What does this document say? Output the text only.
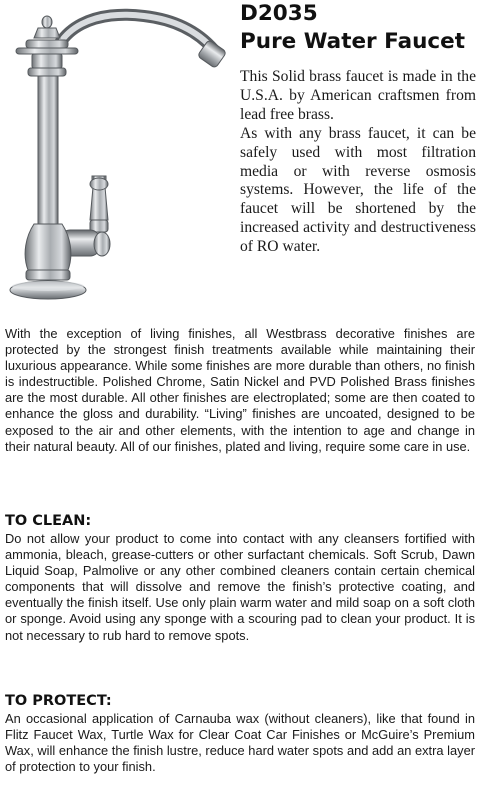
D2035
Pure Water Faucet

This Solid brass faucet is made in the U.S.A. by American craftsmen from lead free brass.

As with any brass faucet, it can be safely used with most filtration media or with reverse osmosis systems. However, the life of the faucet will be shortened by the increased activity and destructiveness of RO water.

With the exception of living finishes, all Westbrass decorative finishes are protected by the strongest finish treatments available while maintaining their luxurious appearance. While some finishes are more durable than others, no finish is indestructible. Polished Chrome, Satin Nickel and PVD Polished Brass finishes are the most durable. All other finishes are electroplated; some are then coated to enhance the gloss and durability. “Living” finishes are uncoated, designed to be exposed to the air and other elements, with the intention to age and change in their natural beauty. All of our finishes, plated and living, require some care in use.

TO CLEAN:

Do not allow your product to come into contact with any cleansers fortified with ammonia, bleach, grease-cutters or other surfactant chemicals. Soft Scrub, Dawn Liquid Soap, Palmolive or any other combined cleaners contain certain chemical components that will dissolve and remove the finish’s protective coating, and eventually the finish itself. Use only plain warm water and mild soap on a soft cloth or sponge. Avoid using any sponge with a scouring pad to clean your product. It is not necessary to rub hard to remove spots.

TO PROTECT:

An occasional application of Carnauba wax (without cleaners), like that found in Flitz Faucet Wax, Turtle Wax for Clear Coat Car Finishes or McGuire’s Premium Wax, will enhance the finish lustre, reduce hard water spots and add an extra layer of protection to your finish.
